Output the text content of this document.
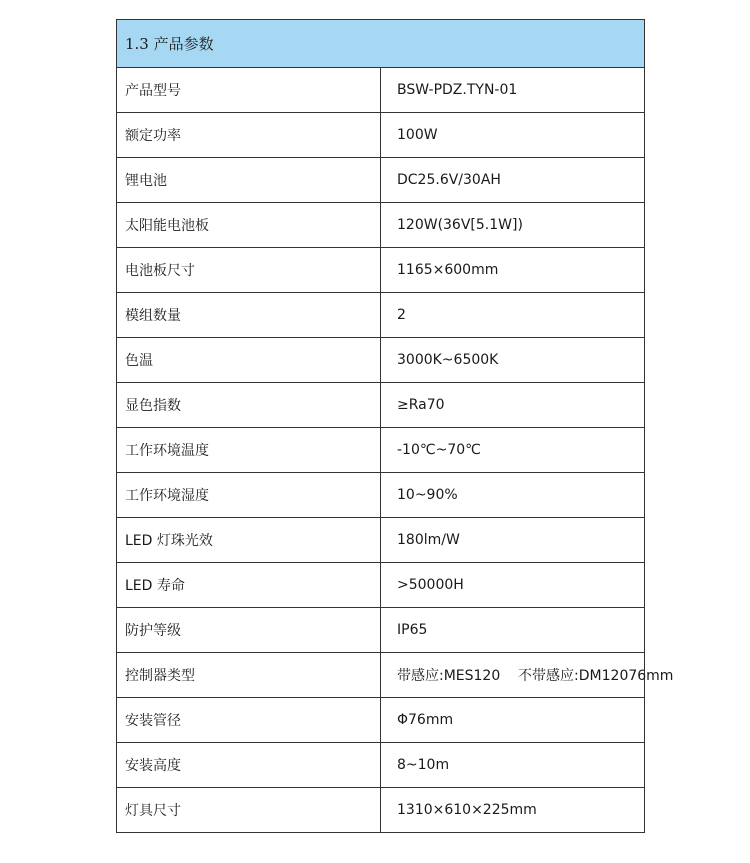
1.3 产品参数	
产品型号	BSW-PDZ.TYN-01
额定功率	100W
锂电池	DC25.6V/30AH
太阳能电池板	120W(36V[5.1W])
电池板尺寸	1165×600mm
模组数量	2
色温	3000K~6500K
显色指数	≥Ra70
工作环境温度	-10℃~70℃
工作环境湿度	10~90%
LED 灯珠光效	180lm/W
LED 寿命	>50000H
防护等级	IP65
控制器类型	带感应:MES120    不带感应:DM12076mm
安装管径	Φ76mm
安装高度	8~10m
灯具尺寸	1310×610×225mm
